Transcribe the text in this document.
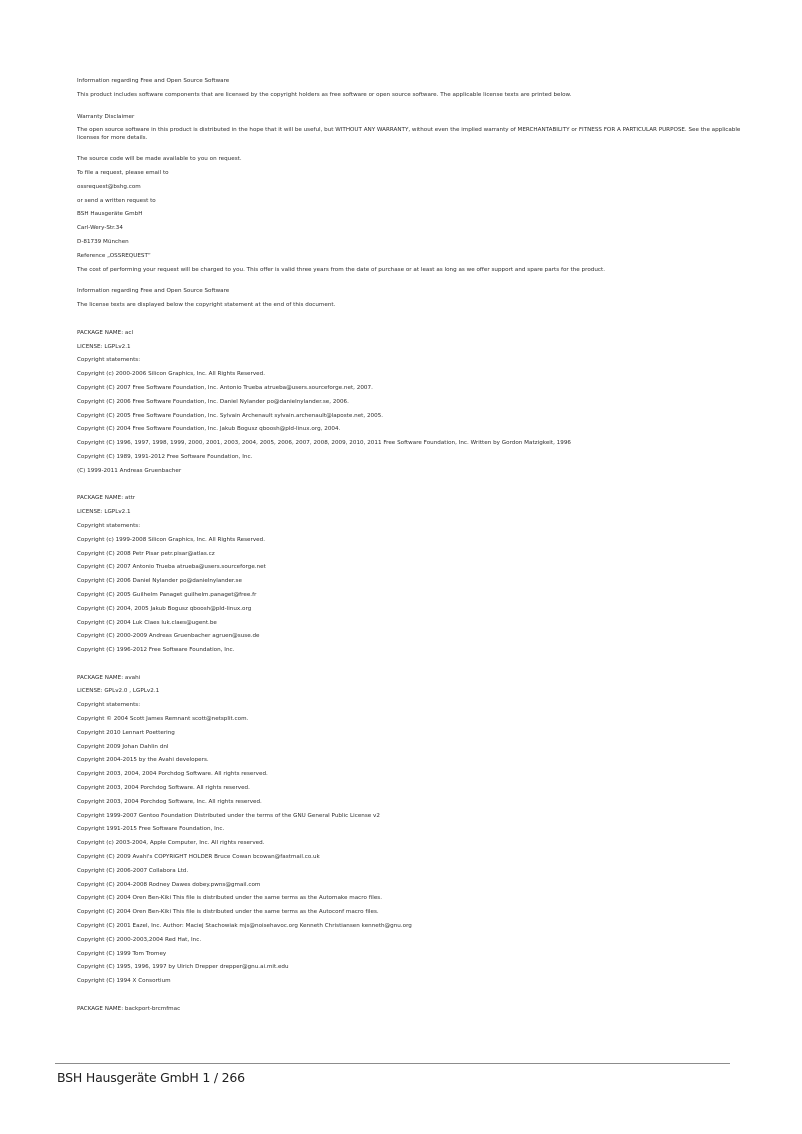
Information regarding Free and Open Source Software
This product includes software components that are licensed by the copyright holders as free software or open source software. The applicable license texts are printed below.
Warranty Disclaimer
The open source software in this product is distributed in the hope that it will be useful, but WITHOUT ANY WARRANTY, without even the implied warranty of MERCHANTABILITY or FITNESS FOR A PARTICULAR PURPOSE. See the applicable licenses for more details.
The source code will be made available to you on request.
To file a request, please email to
ossrequest@bshg.com
or send a written request to
BSH Hausgeräte GmbH
Carl-Wery-Str.34
D-81739 München
Reference „OSSREQUEST“
The cost of performing your request will be charged to you. This offer is valid three years from the date of purchase or at least as long as we offer support and spare parts for the product.
Information regarding Free and Open Source Software
The license texts are displayed below the copyright statement at the end of this document.
PACKAGE NAME: acl
LICENSE: LGPLv2.1
Copyright statements:
Copyright (c) 2000-2006 Silicon Graphics, Inc. All Rights Reserved.
Copyright (C) 2007 Free Software Foundation, Inc. Antonio Trueba atrueba@users.sourceforge.net, 2007.
Copyright (C) 2006 Free Software Foundation, Inc. Daniel Nylander po@danielnylander.se, 2006.
Copyright (C) 2005 Free Software Foundation, Inc. Sylvain Archenault sylvain.archenault@laposte.net, 2005.
Copyright (C) 2004 Free Software Foundation, Inc. Jakub Bogusz qboosh@pld-linux.org, 2004.
Copyright (C) 1996, 1997, 1998, 1999, 2000, 2001, 2003, 2004, 2005, 2006, 2007, 2008, 2009, 2010, 2011 Free Software Foundation, Inc. Written by Gordon Matzigkeit, 1996
Copyright (C) 1989, 1991-2012 Free Software Foundation, Inc.
(C) 1999-2011 Andreas Gruenbacher
PACKAGE NAME: attr
LICENSE: LGPLv2.1
Copyright statements:
Copyright (c) 1999-2008 Silicon Graphics, Inc. All Rights Reserved.
Copyright (C) 2008 Petr Pisar petr.pisar@atlas.cz
Copyright (C) 2007 Antonio Trueba atrueba@users.sourceforge.net
Copyright (C) 2006 Daniel Nylander po@danielnylander.se
Copyright (C) 2005 Guilhelm Panaget guilhelm.panaget@free.fr
Copyright (C) 2004, 2005 Jakub Bogusz qboosh@pld-linux.org
Copyright (C) 2004 Luk Claes luk.claes@ugent.be
Copyright (C) 2000-2009 Andreas Gruenbacher agruen@suse.de
Copyright (C) 1996-2012 Free Software Foundation, Inc.
PACKAGE NAME: avahi
LICENSE: GPLv2.0 , LGPLv2.1
Copyright statements:
Copyright © 2004 Scott James Remnant scott@netsplit.com.
Copyright 2010 Lennart Poettering
Copyright 2009 Johan Dahlin dnl
Copyright 2004-2015 by the Avahi developers.
Copyright 2003, 2004, 2004 Porchdog Software. All rights reserved.
Copyright 2003, 2004 Porchdog Software. All rights reserved.
Copyright 2003, 2004 Porchdog Software, Inc. All rights reserved.
Copyright 1999-2007 Gentoo Foundation Distributed under the terms of the GNU General Public License v2
Copyright 1991-2015 Free Software Foundation, Inc.
Copyright (c) 2003-2004, Apple Computer, Inc. All rights reserved.
Copyright (C) 2009 Avahi's COPYRIGHT HOLDER Bruce Cowan bcowan@fastmail.co.uk
Copyright (C) 2006-2007 Collabora Ltd.
Copyright (C) 2004-2008 Rodney Dawes dobey.pwns@gmail.com
Copyright (C) 2004 Oren Ben-Kiki This file is distributed under the same terms as the Automake macro files.
Copyright (C) 2004 Oren Ben-Kiki This file is distributed under the same terms as the Autoconf macro files.
Copyright (C) 2001 Eazel, Inc. Author: Maciej Stachowiak mjs@noisehavoc.org Kenneth Christiansen kenneth@gnu.org
Copyright (C) 2000-2003,2004 Red Hat, Inc.
Copyright (C) 1999 Tom Tromey
Copyright (C) 1995, 1996, 1997 by Ulrich Drepper drepper@gnu.ai.mit.edu
Copyright (C) 1994 X Consortium
PACKAGE NAME: backport-brcmfmac
BSH Hausgeräte GmbH 1 / 266
